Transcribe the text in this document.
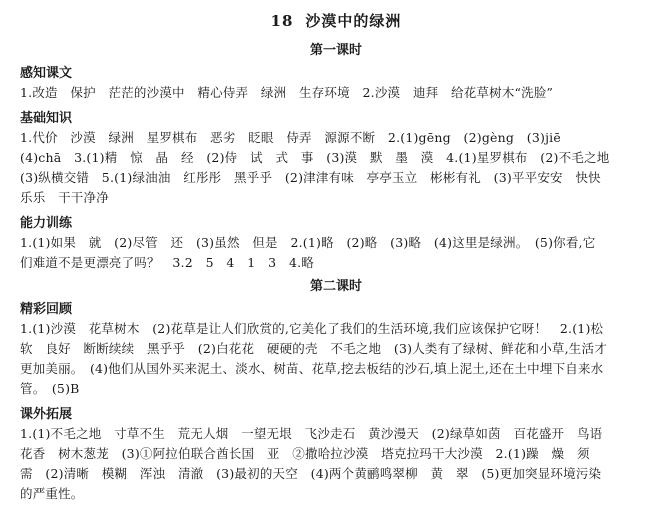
18 沙漠中的绿洲
第一课时
感知课文

1.改造　保护　茫茫的沙漠中　精心侍弄　绿洲　生存环境　2.沙漠　迪拜　给花草树木“洗脸”

基础知识

1.代价　沙漠　绿洲　星罗棋布　恶劣　眨眼　侍弄　源源不断　2.(1)gēng　(2)gèng　(3)jiē

(4)chā　3.(1)精　惊　晶　经　(2)侍　试　式　事　(3)漠　默　墨　漠　4.(1)星罗棋布　(2)不毛之地

(3)纵横交错　5.(1)绿油油　红彤彤　黑乎乎　(2)津津有味　亭亭玉立　彬彬有礼　(3)平平安安　快快

乐乐　干干净净

能力训练

1.(1)如果　就　(2)尽管　还　(3)虽然　但是　2.(1)略　(2)略　(3)略　(4)这里是绿洲。　(5)你看,它

们难道不是更漂亮了吗？　3.2　5　4　1　3　4.略

第二课时
精彩回顾

1.(1)沙漠　花草树木　(2)花草是让人们欣赏的,它美化了我们的生活环境,我们应该保护它呀！　2.(1)松

软　良好　断断续续　黑乎乎　(2)白花花　硬硬的壳　不毛之地　(3)人类有了绿树、鲜花和小草,生活才

更加美丽。　(4)他们从国外买来泥土、淡水、树苗、花草,挖去板结的沙石,填上泥土,还在土中埋下自来水

管。　(5)B

课外拓展

1.(1)不毛之地　寸草不生　荒无人烟　一望无垠　飞沙走石　黄沙漫天　(2)绿草如茵　百花盛开　鸟语

花香　树木葱茏　(3)①阿拉伯联合酋长国　亚　②撒哈拉沙漠　塔克拉玛干大沙漠　2.(1)躁　燥　须

需　(2)清晰　模糊　浑浊　清澈　(3)最初的天空　(4)两个黄鹂鸣翠柳　黄　翠　(5)更加突显环境污染

的严重性。
